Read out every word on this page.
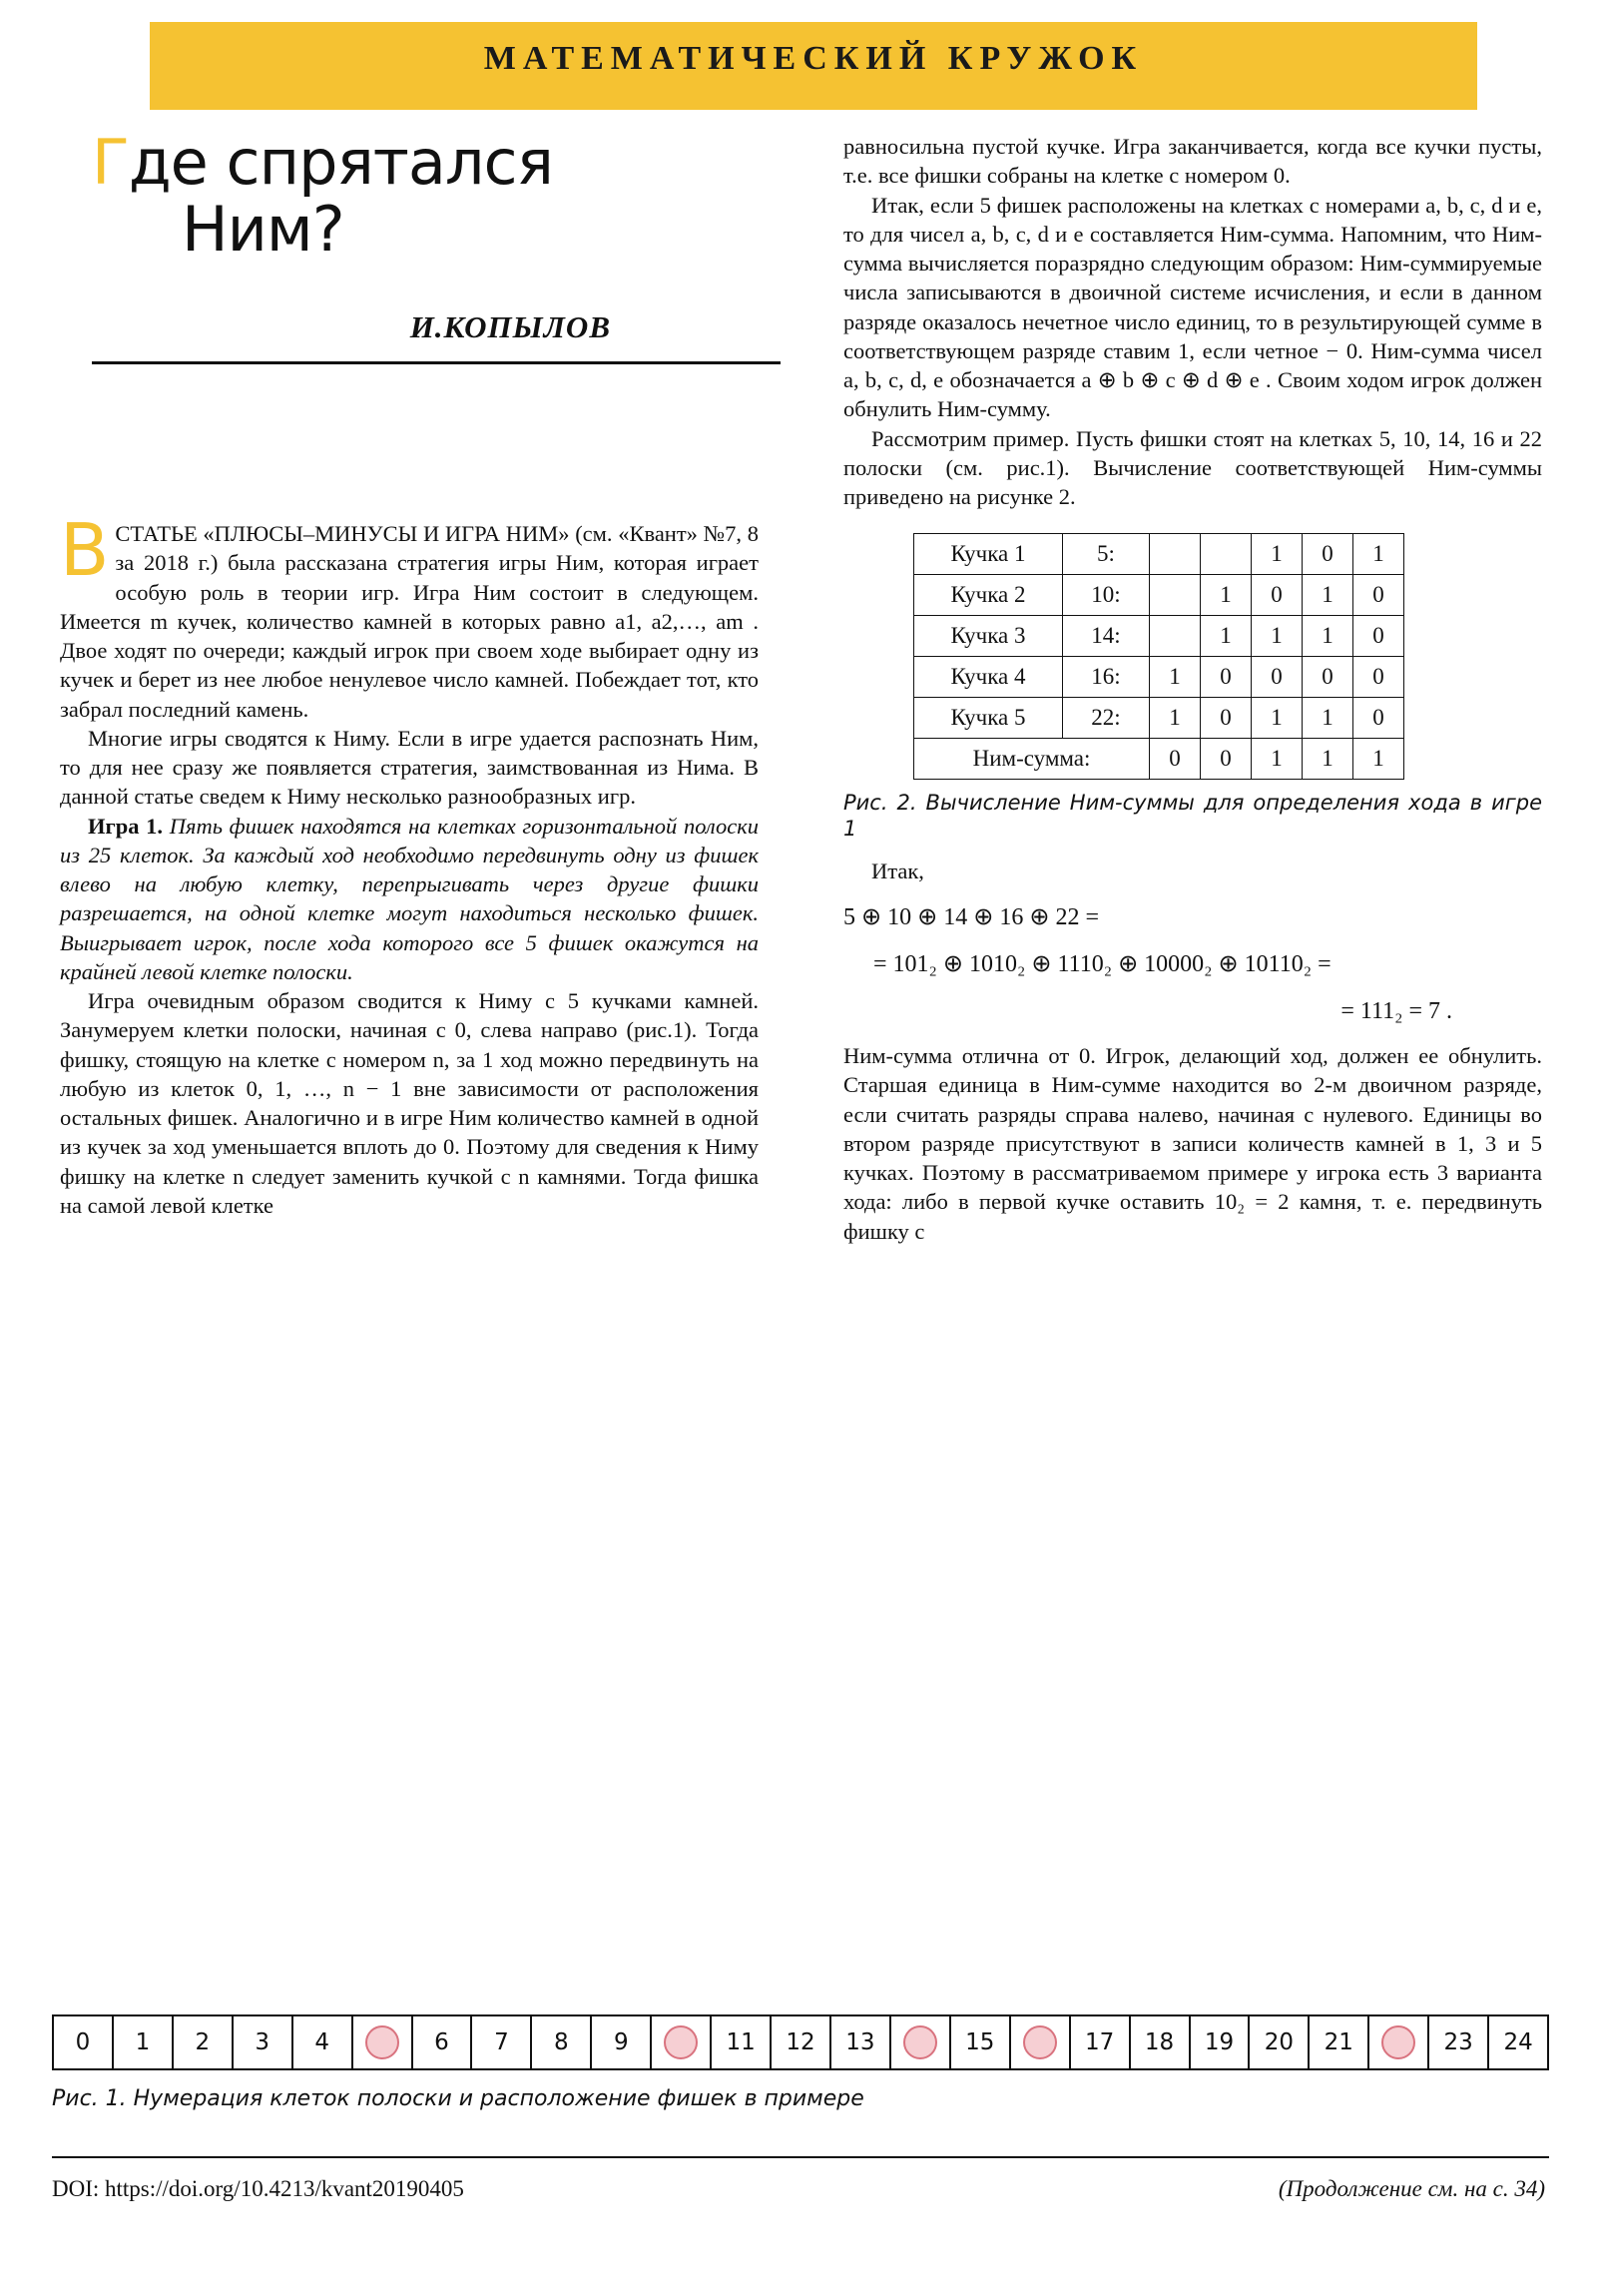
МАТЕМАТИЧЕСКИЙ КРУЖОК
Где спрятался
Ним?
И.КОПЫЛОВ

ВСТАТЬЕ «ПЛЮСЫ–МИНУСЫ И ИГРА НИМ» (см. «Квант» №7, 8 за 2018 г.) была рассказана стратегия игры Ним, которая играет особую роль в теории игр. Игра Ним состоит в следующем. Имеется m кучек, количество камней в которых равно a1, a2,…, am . Двое ходят по очереди; каждый игрок при своем ходе выбирает одну из кучек и берет из нее любое ненулевое число камней. Побеждает тот, кто забрал последний камень.

Многие игры сводятся к Ниму. Если в игре удается распознать Ним, то для нее сразу же появляется стратегия, заимствованная из Нима. В данной статье сведем к Ниму несколько разнообразных игр.

Игра 1. Пять фишек находятся на клетках горизонтальной полоски из 25 клеток. За каждый ход необходимо передвинуть одну из фишек влево на любую клетку, перепрыгивать через другие фишки разрешается, на одной клетке могут находиться несколько фишек. Выигрывает игрок, после хода которого все 5 фишек окажутся на крайней левой клетке полоски.

Игра очевидным образом сводится к Ниму с 5 кучками камней. Занумеруем клетки полоски, начиная с 0, слева направо (рис.1). Тогда фишку, стоящую на клетке с номером n, за 1 ход можно передвинуть на любую из клеток 0, 1, …, n − 1 вне зависимости от расположения остальных фишек. Аналогично и в игре Ним количество камней в одной из кучек за ход уменьшается вплоть до 0. Поэтому для сведения к Ниму фишку на клетке n следует заменить кучкой с n камнями. Тогда фишка на самой левой клетке

равносильна пустой кучке. Игра заканчивается, когда все кучки пусты, т.е. все фишки собраны на клетке с номером 0.

Итак, если 5 фишек расположены на клетках с номерами a, b, c, d и e, то для чисел a, b, c, d и e составляется Ним-сумма. Напомним, что Ним-сумма вычисляется поразрядно следующим образом: Ним-суммируемые числа записываются в двоичной системе исчисления, и если в данном разряде оказалось нечетное число единиц, то в результирующей сумме в соответствующем разряде ставим 1, если четное − 0. Ним-сумма чисел a, b, c, d, e обозначается a ⊕ b ⊕ c ⊕ d ⊕ e . Своим ходом игрок должен обнулить Ним-сумму.

Рассмотрим пример. Пусть фишки стоят на клетках 5, 10, 14, 16 и 22 полоски (см. рис.1). Вычисление соответствующей Ним-суммы приведено на рисунке 2.

Кучка 1	5:			1	0	1
Кучка 2	10:		1	0	1	0
Кучка 3	14:		1	1	1	0
Кучка 4	16:	1	0	0	0	0
Кучка 5	22:	1	0	1	1	0
Ним-сумма:		0	0	1	1	1

Рис. 2. Вычисление Ним-суммы для определения хода в игре 1

Итак,

5 ⊕ 10 ⊕ 14 ⊕ 16 ⊕ 22 =

= 101₂ ⊕ 1010₂ ⊕ 1110₂ ⊕ 10000₂ ⊕ 10110₂ =

= 111₂ = 7 .

Ним-сумма отлична от 0. Игрок, делающий ход, должен ее обнулить. Старшая единица в Ним-сумме находится во 2-м двоичном разряде, если считать разряды справа налево, начиная с нулевого. Единицы во втором разряде присутствуют в записи количеств камней в 1, 3 и 5 кучках. Поэтому в рассматриваемом примере у игрока есть 3 варианта хода: либо в первой кучке оставить 10₂ = 2 камня, т. е. передвинуть фишку с

0	1	2	3	4	6	7	8	9	11	12	13	15	17	18	19	20	21	23	24
Рис. 1. Нумерация клеток полоски и расположение фишек в примере
DOI: https://doi.org/10.4213/kvant20190405	(Продолжение см. на с. 34)
